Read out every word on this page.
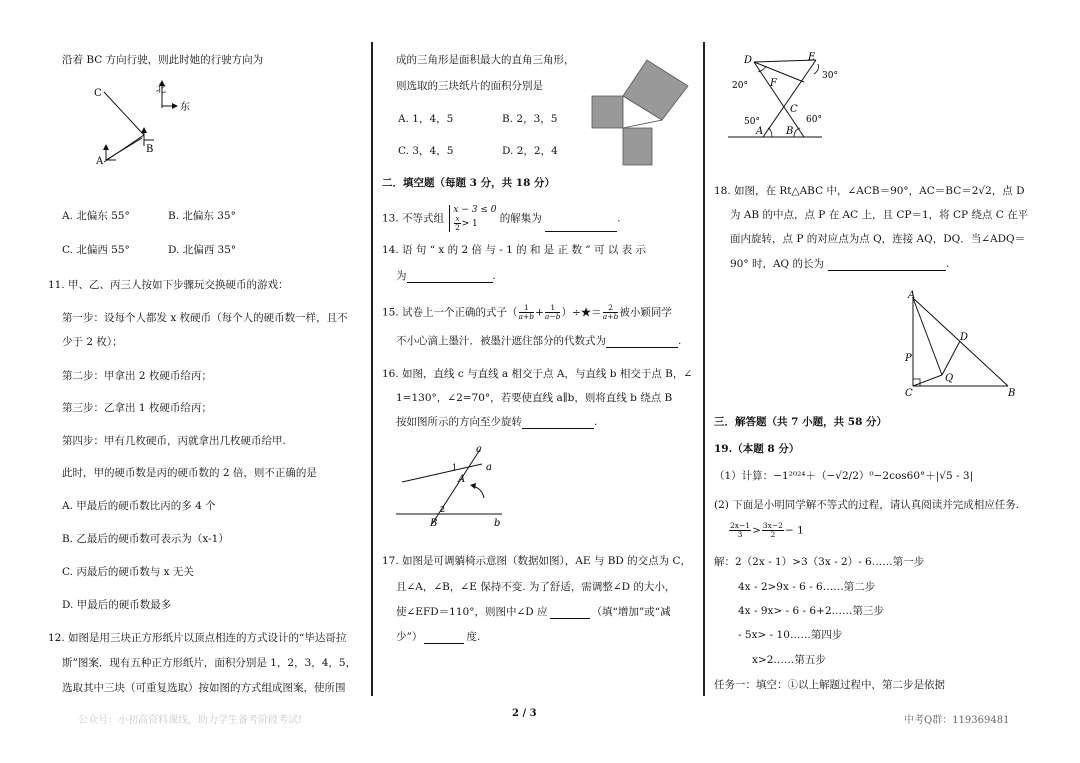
沿着 BC 方向行驶，则此时她的行驶方向为
C
A
B
北
东
A. 北偏东 55°	B. 北偏东 35°
C. 北偏西 55°	D. 北偏西 35°
11. 甲、乙、丙三人按如下步骤玩交换硬币的游戏：
第一步：设每个人都发 x 枚硬币（每个人的硬币数一样，且不
少于 2 枚）；
第二步：甲拿出 2 枚硬币给丙；
第三步：乙拿出 1 枚硬币给丙；
第四步：甲有几枚硬币，丙就拿出几枚硬币给甲.
此时，甲的硬币数是丙的硬币数的 2 倍，则不正确的是
A. 甲最后的硬币数比丙的多 4 个
B. 乙最后的硬币数可表示为（x-1）
C. 丙最后的硬币数与 x 无关
D. 甲最后的硬币数最多
12. 如图是用三块正方形纸片以顶点相连的方式设计的“毕达哥拉
斯”图案．现有五种正方形纸片，面积分别是 1，2，3，4，5，
选取其中三块（可重复选取）按如图的方式组成图案，使所围
成的三角形是面积最大的直角三角形，
则选取的三块纸片的面积分别是
A. 1，4，5	B. 2，3，5
C. 3，4，5	D. 2，2，4
二．填空题（每题 3 分，共 18 分）
13. 不等式组
x − 3 ≤ 0
$\frac{x}{2} > 1$	的解集为	.
14. 语 句 “ x 的 2 倍 与 - 1 的 和 是 正 数 ” 可 以 表 示
为	.
15. 试卷上一个正确的式子（ $\frac{1}{a+b} + \frac{1}{a-b}$ ）÷★＝ $\frac{2}{a+b}$ 被小颖同学
不小心滴上墨汁．被墨汁遮住部分的代数式为	.
16. 如图，直线 c 与直线 a 相交于点 A，与直线 b 相交于点 B，∠
1=130°，∠2=70°，若要使直线 a∥b，则将直线 b 绕点 B
按如图所示的方向至少旋转	.
c
a
b
A
B
1
2
17. 如图是可调躺椅示意图（数据如图），AE 与 BD 的交点为 C，
且∠A，∠B，∠E 保持不变. 为了舒适，需调整∠D 的大小，
使∠EFD＝110°，则图中∠D 应	（填“增加”或“减
少”）	度.
D	E
F
C
A B
20°
30°
50°	60°
18. 如图，在 Rt△ABC 中，∠ACB＝90°，AC＝BC＝2√2，点 D
为 AB 的中点，点 P 在 AC 上，且 CP＝1，将 CP 绕点 C 在平
面内旋转，点 P 的对应点为点 Q，连接 AQ，DQ．当∠ADQ＝
90° 时，AQ 的长为	.
A
B
C
D
P
Q
三．解答题（共 7 小题，共 58 分）
19.（本题 8 分）
（1）计算：−1²⁰²⁴＋（−√2/2）⁰−2cos60°＋|√5 - 3|
(2) 下面是小明同学解不等式的过程，请认真阅读并完成相应任务.
$\frac{2x-1}{3} > \frac{3x-2}{2} - 1$
解：2（2x - 1）>3（3x - 2）- 6……第一步
4x - 2>9x - 6 - 6……第二步
4x - 9x> - 6 - 6+2……第三步
- 5x> - 10……第四步
x>2……第五步
任务一：填空：①以上解题过程中，第二步是依据
公众号：小初高资料课线，助力学生备考阶段考试!
2 / 3
中考Q群：119369481
